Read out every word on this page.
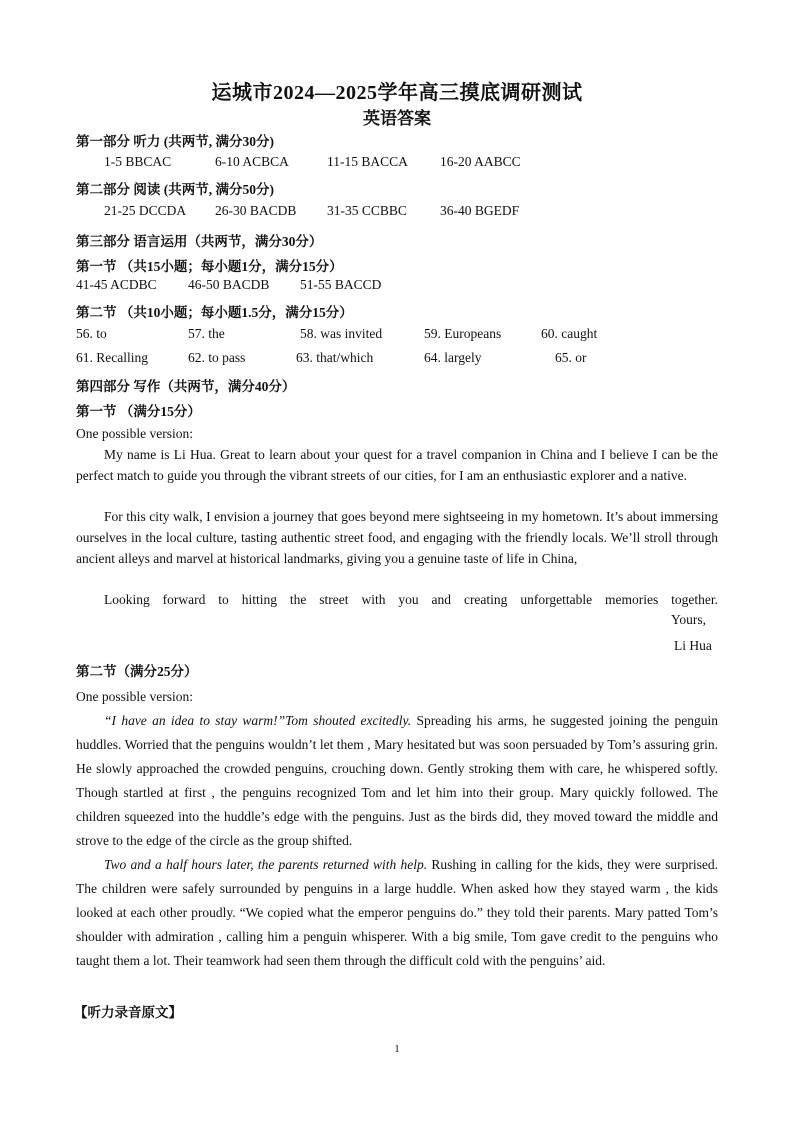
运城市2024—2025学年高三摸底调研测试
英语答案
第一部分 听力 (共两节, 满分30分)
1-5 BBCAC	6-10 ACBCA	11-15 BACCA 16-20 AABCC
第二部分 阅读 (共两节, 满分50分)
21-25 DCCDA 26-30 BACDB 31-35 CCBBC 36-40 BGEDF
第三部分 语言运用（共两节，满分30分）
第一节 （共15小题；每小题1分，满分15分）
41-45 ACDBC 46-50 BACDB 51-55 BACCD
第二节 （共10小题；每小题1.5分，满分15分）
56. to	57. the	58. was invited	59. Europeans	60. caught
61. Recalling	62. to pass	63. that/which	64. largely	65. or
第四部分 写作（共两节，满分40分）
第一节 （满分15分）
One possible version:
My name is Li Hua. Great to learn about your quest for a travel companion in China and I believe I can be the perfect match to guide you through the vibrant streets of our cities, for I am an enthusiastic explorer and a native.
For this city walk, I envision a journey that goes beyond mere sightseeing in my hometown. It’s about immersing ourselves in the local culture, tasting authentic street food, and engaging with the friendly locals. We’ll stroll through ancient alleys and marvel at historical landmarks, giving you a genuine taste of life in China,
Looking forward to hitting the street with you and creating unforgettable memories together.
Yours,
Li Hua
第二节（满分25分）
One possible version:
“I have an idea to stay warm!”Tom shouted excitedly. Spreading his arms, he suggested joining the penguin huddles. Worried that the penguins wouldn’t let them , Mary hesitated but was soon persuaded by Tom’s assuring grin. He slowly approached the crowded penguins, crouching down. Gently stroking them with care, he whispered softly. Though startled at first , the penguins recognized Tom and let him into their group. Mary quickly followed. The children squeezed into the huddle’s edge with the penguins. Just as the birds did, they moved toward the middle and strove to the edge of the circle as the group shifted.
Two and a half hours later, the parents returned with help. Rushing in calling for the kids, they were surprised. The children were safely surrounded by penguins in a large huddle. When asked how they stayed warm , the kids looked at each other proudly. “We copied what the emperor penguins do.” they told their parents. Mary patted Tom’s shoulder with admiration , calling him a penguin whisperer. With a big smile, Tom gave credit to the penguins who taught them a lot. Their teamwork had seen them through the difficult cold with the penguins’ aid.
【听力录音原文】
1
